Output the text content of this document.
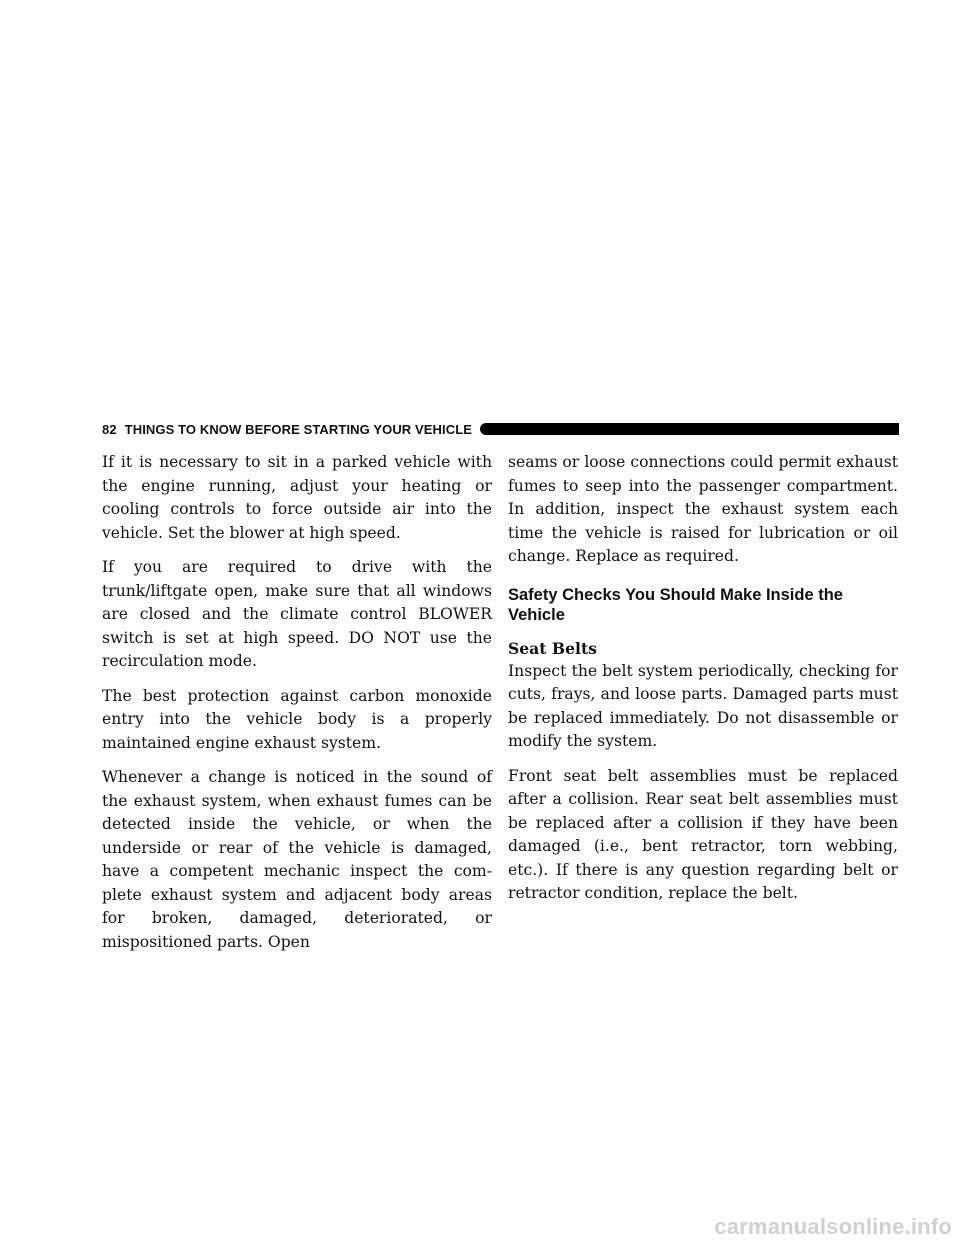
82 THINGS TO KNOW BEFORE STARTING YOUR VEHICLE

If it is necessary to sit in a parked vehicle with the engine running, adjust your heating or cooling controls to force outside air into the vehicle. Set the blower at high speed.

If you are required to drive with the trunk/liftgate open, make sure that all windows are closed and the climate control BLOWER switch is set at high speed. DO NOT use the recirculation mode.

The best protection against carbon monoxide entry into the vehicle body is a properly maintained engine exhaust system.

Whenever a change is noticed in the sound of the exhaust system, when exhaust fumes can be detected inside the vehicle, or when the underside or rear of the vehicle is damaged, have a competent mechanic inspect the com-plete exhaust system and adjacent body areas for broken, damaged, deteriorated, or mispositioned parts. Open

seams or loose connections could permit exhaust fumes to seep into the passenger compartment. In addition, inspect the exhaust system each time the vehicle is raised for lubrication or oil change. Replace as required.

Safety Checks You Should Make Inside the Vehicle
Seat Belts

Inspect the belt system periodically, checking for cuts, frays, and loose parts. Damaged parts must be replaced immediately. Do not disassemble or modify the system.

Front seat belt assemblies must be replaced after a collision. Rear seat belt assemblies must be replaced after a collision if they have been damaged (i.e., bent retractor, torn webbing, etc.). If there is any question regarding belt or retractor condition, replace the belt.

carmanualsonline.info
